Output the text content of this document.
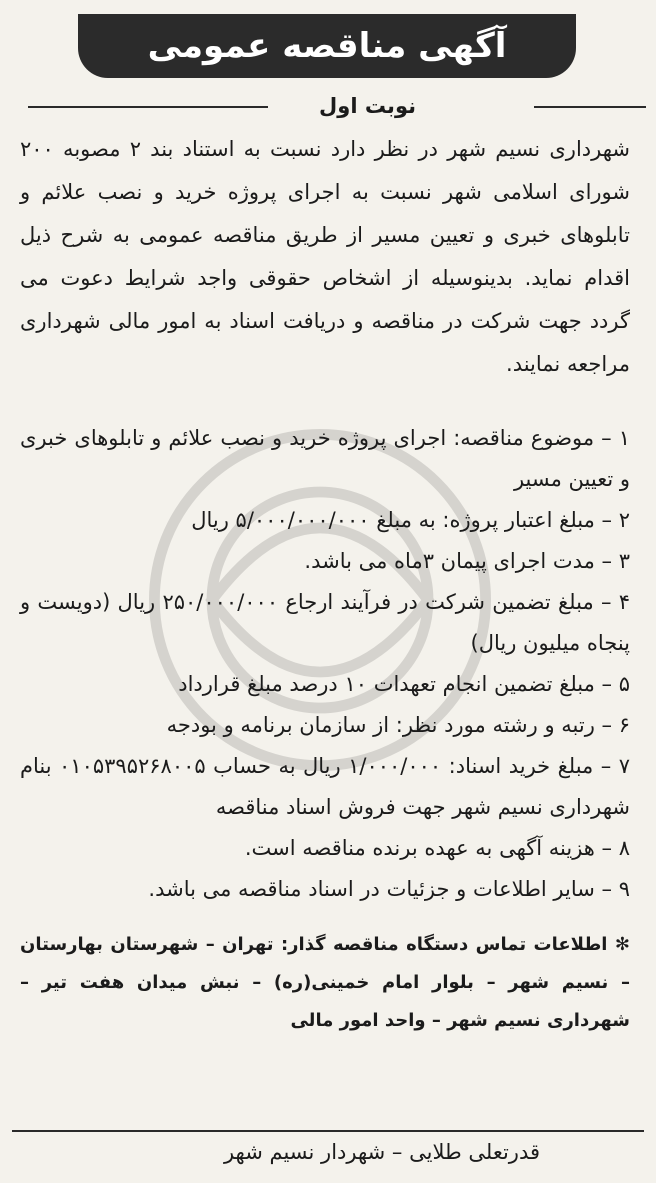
آگهی مناقصه عمومی
نوبت اول

شهرداری نسیم شهر در نظر دارد نسبت به استناد بند ۲ مصوبه ۲۰۰ شورای اسلامی شهر نسبت به اجرای پروژه خرید و نصب علائم و تابلوهای خبری و تعیین مسیر از طریق مناقصه عمومی به شرح ذیل اقدام نماید. بدینوسیله از اشخاص حقوقی واجد شرایط دعوت می گردد جهت شرکت در مناقصه و دریافت اسناد به امور مالی شهرداری مراجعه نمایند.

۱ – موضوع مناقصه: اجرای پروژه خرید و نصب علائم و تابلوهای خبری و تعیین مسیر
۲ – مبلغ اعتبار پروژه: به مبلغ ۵/۰۰۰/۰۰۰/۰۰۰ ریال
۳ – مدت اجرای پیمان ۳ماه می باشد.
۴ – مبلغ تضمین شرکت در فرآیند ارجاع ۲۵۰/۰۰۰/۰۰۰ ریال (دویست و پنجاه میلیون ریال)
۵ – مبلغ تضمین انجام تعهدات ۱۰ درصد مبلغ قرارداد
۶ – رتبه و رشته مورد نظر: از سازمان برنامه و بودجه
۷ – مبلغ خرید اسناد: ۱/۰۰۰/۰۰۰ ریال به حساب ۰۱۰۵۳۹۵۲۶۸۰۰۵ بنام شهرداری نسیم شهر جهت فروش اسناد مناقصه
۸ – هزینه آگهی به عهده برنده مناقصه است.
۹ – سایر اطلاعات و جزئیات در اسناد مناقصه می باشد.
✻ اطلاعات تماس دستگاه مناقصه گذار: تهران – شهرستان بهارستان – نسیم شهر – بلوار امام خمینی(ره) – نبش میدان هفت تیر – شهرداری نسیم شهر – واحد امور مالی
قدرتعلی طلایی – شهردار نسیم شهر
